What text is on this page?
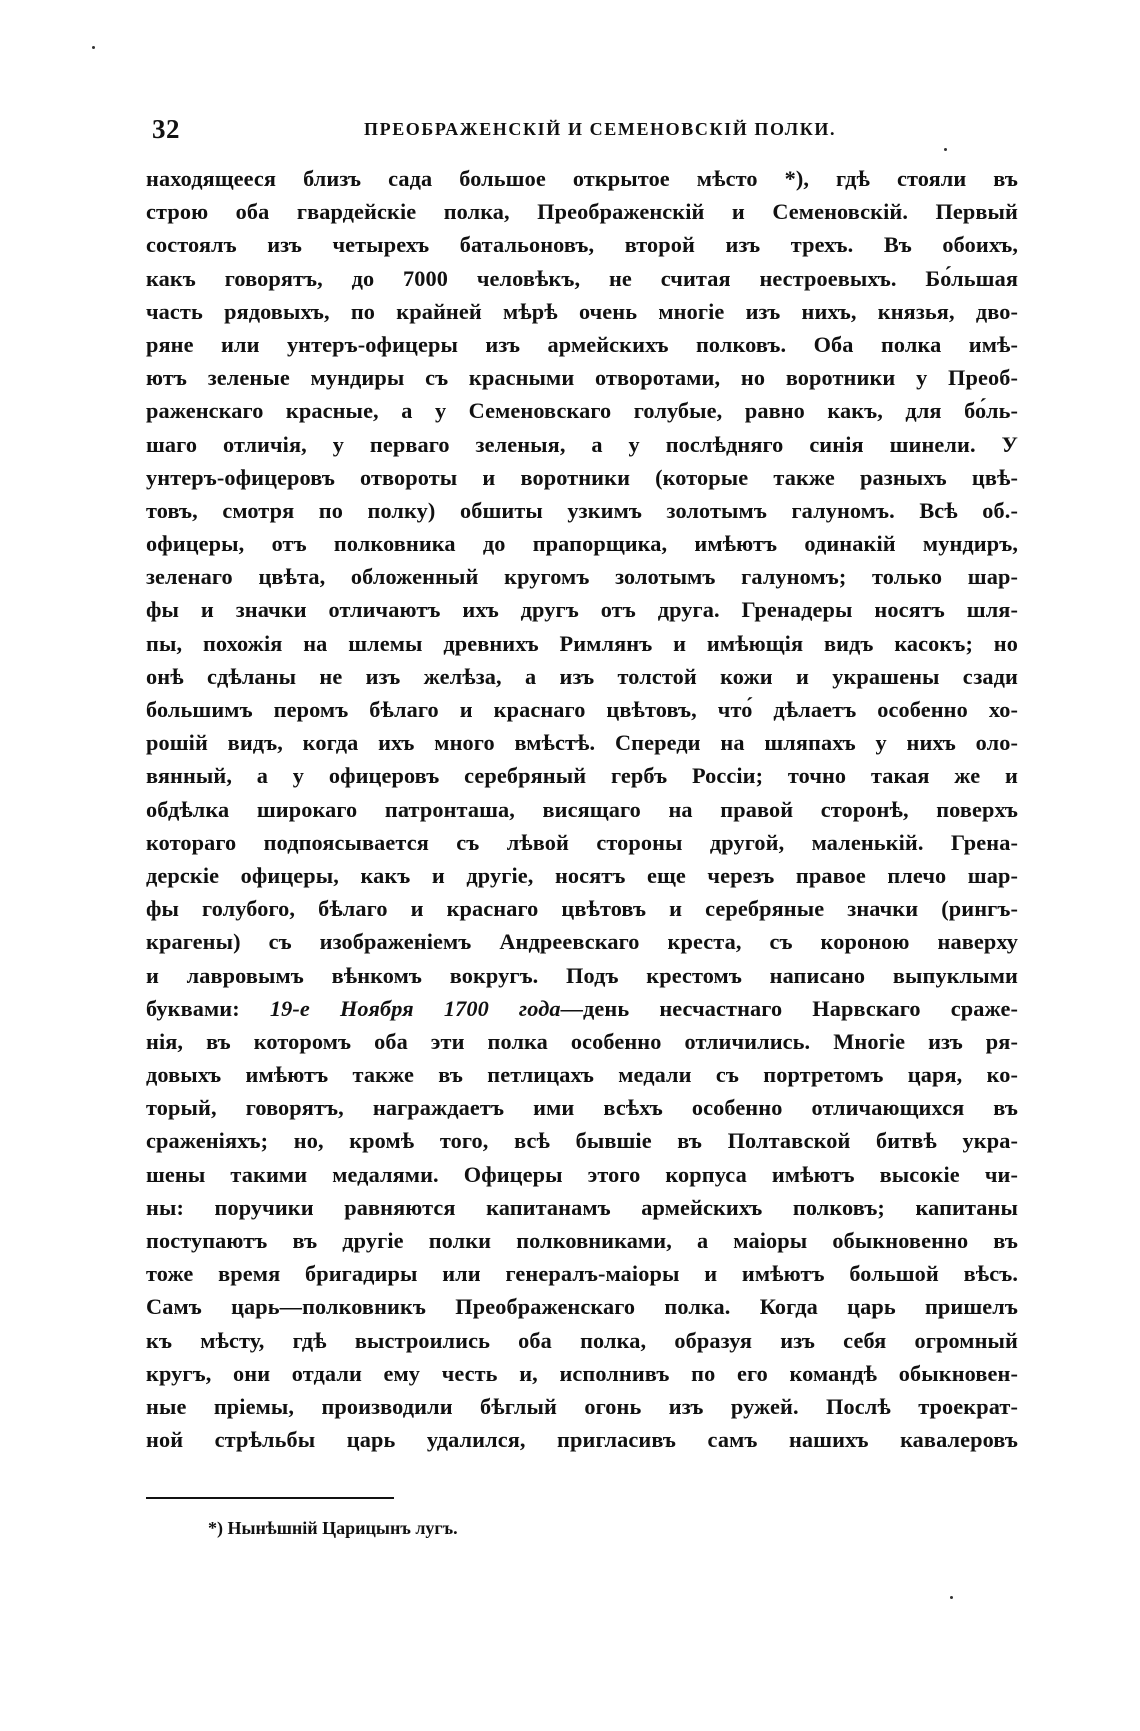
32	ПРЕОБРАЖЕНСКІЙ И СЕМЕНОВСКІЙ ПОЛКИ.
находящееся близъ сада большое открытое мѣсто *), гдѣ стояли въ
строю оба гвардейскіе полка, Преображенскій и Семеновскій. Первый
состоялъ изъ четырехъ батальоновъ, второй изъ трехъ. Въ обоихъ,
какъ говорятъ, до 7000 человѣкъ, не считая нестроевыхъ. Бо́льшая
часть рядовыхъ, по крайней мѣрѣ очень многіе изъ нихъ, князья, дво-
ряне или унтеръ-офицеры изъ армейскихъ полковъ. Оба полка имѣ-
ютъ зеленые мундиры съ красными отворотами, но воротники у Преоб-
раженскаго красные, а у Семеновскаго голубые, равно какъ, для бо́ль-
шаго отличія, у перваго зеленыя, а у послѣдняго синія шинели. У
унтеръ-офицеровъ отвороты и воротники (которые также разныхъ цвѣ-
товъ, смотря по полку) обшиты узкимъ золотымъ галуномъ. Всѣ об.-
офицеры, отъ полковника до прапорщика, имѣютъ одинакій мундиръ,
зеленаго цвѣта, обложенный кругомъ золотымъ галуномъ; только шар-
фы и значки отличаютъ ихъ другъ отъ друга. Гренадеры носятъ шля-
пы, похожія на шлемы древнихъ Римлянъ и имѣющія видъ касокъ; но
онѣ сдѣланы не изъ желѣза, а изъ толстой кожи и украшены сзади
большимъ перомъ бѣлаго и краснаго цвѣтовъ, что́ дѣлаетъ особенно хо-
рошій видъ, когда ихъ много вмѣстѣ. Спереди на шляпахъ у нихъ оло-
вянный, а у офицеровъ серебряный гербъ Россіи; точно такая же и
обдѣлка широкаго патронташа, висящаго на правой сторонѣ, поверхъ
котораго подпоясывается съ лѣвой стороны другой, маленькій. Грена-
дерскіе офицеры, какъ и другіе, носятъ еще черезъ правое плечо шар-
фы голубого, бѣлаго и краснаго цвѣтовъ и серебряные значки (рингъ-
крагены) съ изображеніемъ Андреевскаго креста, съ короною наверху
и лавровымъ вѣнкомъ вокругъ. Подъ крестомъ написано выпуклыми
буквами: 19-е Ноября 1700 года—день несчастнаго Нарвскаго сраже-
нія, въ которомъ оба эти полка особенно отличились. Многіе изъ ря-
довыхъ имѣютъ также въ петлицахъ медали съ портретомъ царя, ко-
торый, говорятъ, награждаетъ ими всѣхъ особенно отличающихся въ
сраженіяхъ; но, кромѣ того, всѣ бывшіе въ Полтавской битвѣ укра-
шены такими медалями. Офицеры этого корпуса имѣютъ высокіе чи-
ны: поручики равняются капитанамъ армейскихъ полковъ; капитаны
поступаютъ въ другіе полки полковниками, а маіоры обыкновенно въ
тоже время бригадиры или генералъ-маіоры и имѣютъ большой вѣсъ.
Самъ царь—полковникъ Преображенскаго полка. Когда царь пришелъ
къ мѣсту, гдѣ выстроились оба полка, образуя изъ себя огромный
кругъ, они отдали ему честь и, исполнивъ по его командѣ обыкновен-
ные пріемы, производили бѣглый огонь изъ ружей. Послѣ троекрат-
ной стрѣльбы царь удалился, пригласивъ самъ нашихъ кавалеровъ
*) Нынѣшній Царицынъ лугъ.
